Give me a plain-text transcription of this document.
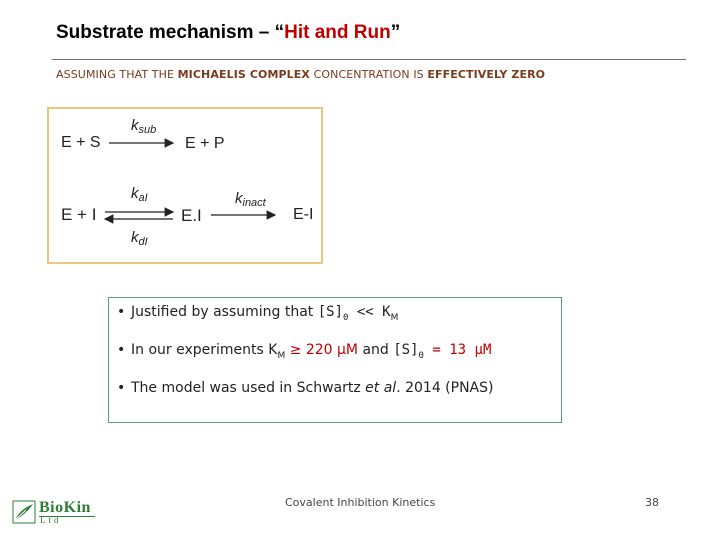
Substrate mechanism – “Hit and Run”
ASSUMING THAT THE MICHAELIS COMPLEX CONCENTRATION IS EFFECTIVELY ZERO
E + S
$k_{sub}$
E + P
E + I
$k_{aI}$
$k_{dI}$
E.I
$k_{inact}$
E-I
• Justified by assuming that $[S]_0 << K_M$
• In our experiments $K_M \ge 220$ µM and $[S]_0 = 13$ µM
• The model was used in Schwartz et al. 2014 (PNAS)
BioKin
Ltd
Covalent Inhibition Kinetics	38
